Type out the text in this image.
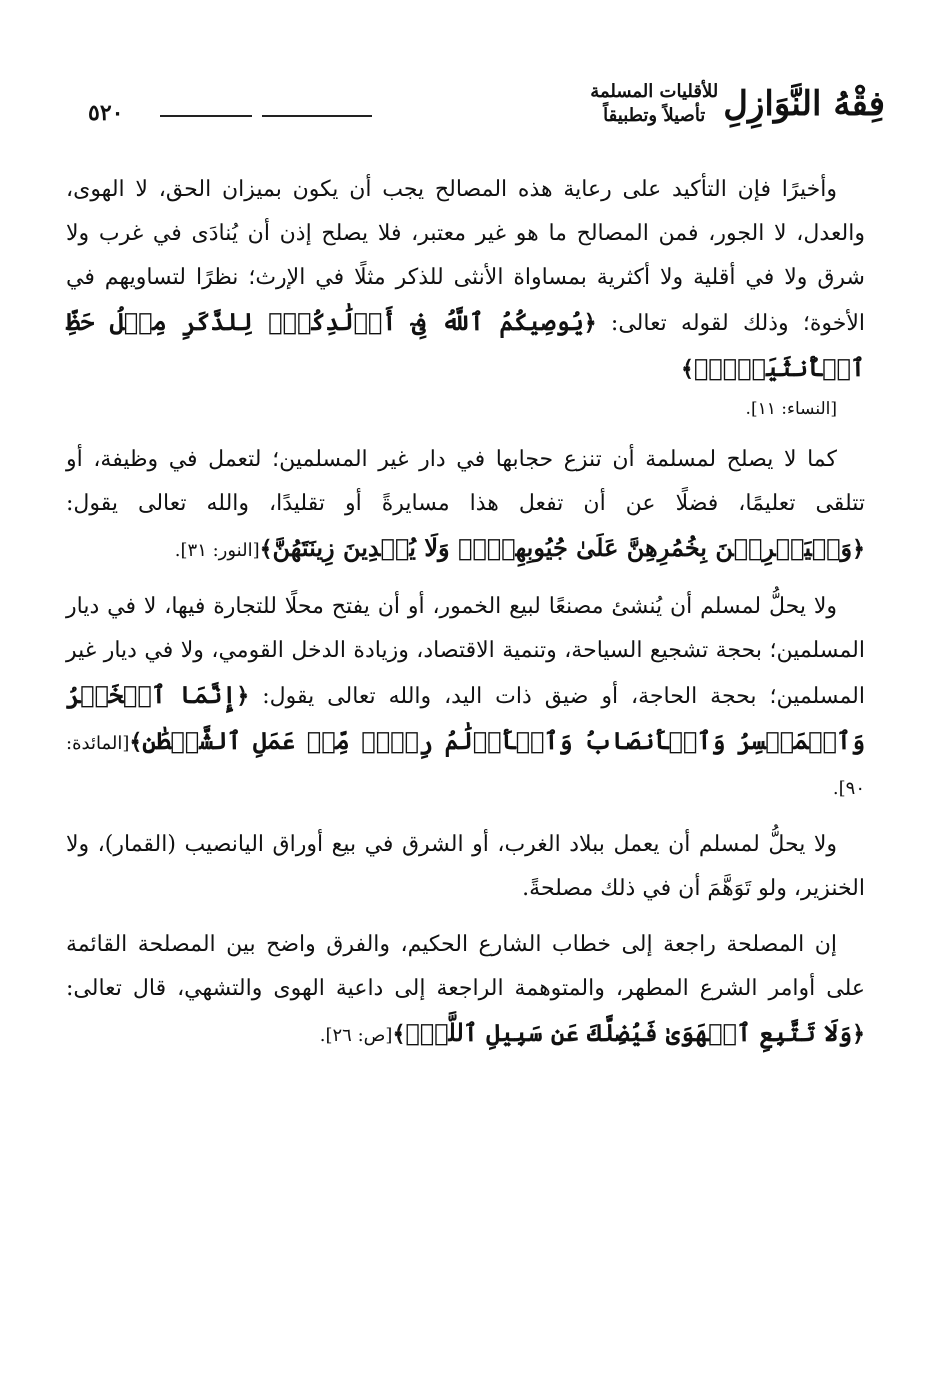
٥٢٠	فِقْهُ النَّوَازِلِ للأقليات المسلمة
تأصيلاً وتطبيقاً

وأخيرًا فإن التأكيد على رعاية هذه المصالح يجب أن يكون بميزان الحق، لا الهوى، والعدل، لا الجور، فمن المصالح ما هو غير معتبر، فلا يصلح إذن أن يُنادَى في غرب ولا شرق ولا في أقلية ولا أكثرية بمساواة الأنثى للذكر مثلًا في الإرث؛ نظرًا لتساويهم في الأخوة؛ وذلك لقوله تعالى: ﴿يُوصِيكُمُ ٱللَّهُ فِىٓ أَوۡلَٰدِكُمۡۖ لِلذَّكَرِ مِثۡلُ حَظِّ ٱلۡأُنثَيَيۡنِۚ﴾
[النساء: ١١].

كما لا يصلح لمسلمة أن تنزع حجابها في دار غير المسلمين؛ لتعمل في وظيفة، أو تتلقى تعليمًا، فضلًا عن أن تفعل هذا مسايرةً أو تقليدًا، والله تعالى يقول: ﴿وَلۡيَضۡرِبۡنَ بِخُمُرِهِنَّ عَلَىٰ جُيُوبِهِنَّۖ وَلَا يُبۡدِينَ زِينَتَهُنَّ﴾[النور: ٣١].

ولا يحلُّ لمسلم أن يُنشئ مصنعًا لبيع الخمور، أو أن يفتح محلًا للتجارة فيها، لا في ديار المسلمين؛ بحجة تشجيع السياحة، وتنمية الاقتصاد، وزيادة الدخل القومي، ولا في ديار غير المسلمين؛ بحجة الحاجة، أو ضيق ذات اليد، والله تعالى يقول: ﴿إِنَّمَا ٱلۡخَمۡرُ وَٱلۡمَيۡسِرُ وَٱلۡأَنصَابُ وَٱلۡأَزۡلَٰمُ رِجۡسٞ مِّنۡ عَمَلِ ٱلشَّيۡطَٰنِ﴾[المائدة: ٩٠].

ولا يحلُّ لمسلم أن يعمل ببلاد الغرب، أو الشرق في بيع أوراق اليانصيب (القمار)، ولا الخنزير، ولو تَوَهَّمَ أن في ذلك مصلحةً.

إن المصلحة راجعة إلى خطاب الشارع الحكيم، والفرق واضح بين المصلحة القائمة على أوامر الشرع المطهر، والمتوهمة الراجعة إلى داعية الهوى والتشهي، قال تعالى: ﴿وَلَا تَتَّبِعِ ٱلۡهَوَىٰ فَيُضِلَّكَ عَن سَبِيلِ ٱللَّهِۚ﴾[ص: ٢٦].
